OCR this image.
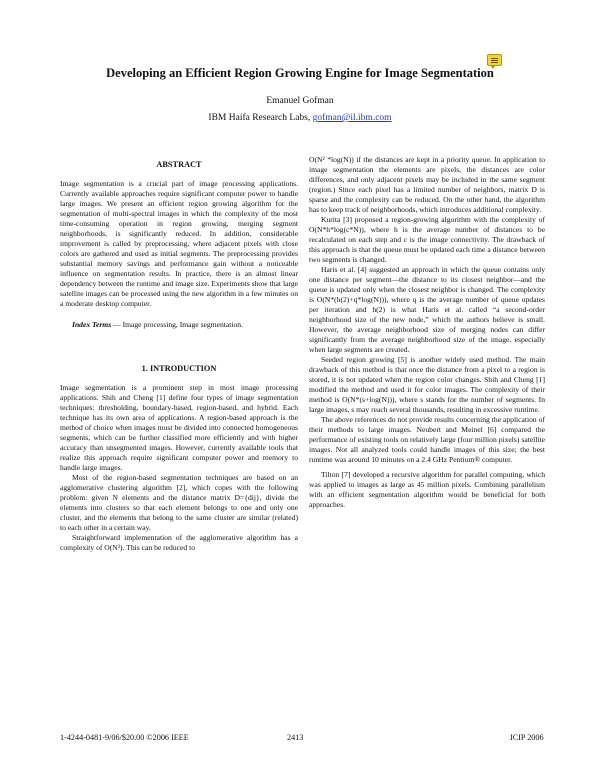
Developing an Efficient Region Growing Engine for Image Segmentation
Emanuel Gofman
IBM Haifa Research Labs, gofman@il.ibm.com
ABSTRACT

Image segmentation is a crucial part of image processing applications. Currently available approaches require significant computer power to handle large images. We present an efficient region growing algorithm for the segmentation of multi-spectral images in which the complexity of the most time-consuming operation in region growing, merging segment neighborhoods, is significantly reduced. In addition, considerable improvement is called by preprocessing, where adjacent pixels with close colors are gathered and used as initial segments. The preprocessing provides substantial memory savings and performance gain without a noticeable influence on segmentation results. In practice, there is an almost linear dependency between the runtime and image size. Experiments show that large satellite images can be processed using the new algorithm in a few minutes on a moderate desktop computer.

Index Terms — Image processing, Image segmentation.

1. INTRODUCTION

Image segmentation is a prominent step in most image processing applications. Shih and Cheng [1] define four types of image segmentation techniques: thresholding, boundary-based, region-based, and hybrid. Each technique has its own area of applications. A region-based approach is the method of choice when images must be divided into connected homogeneous segments, which can be further classified more efficiently and with higher accuracy than unsegmented images. However, currently available tools that realize this approach require significant computer power and memory to handle large images.

Most of the region-based segmentation techniques are based on an agglomerative clustering algorithm [2], which copes with the following problem: given N elements and the distance matrix D={dij}, divide the elements into clusters so that each element belongs to one and only one cluster, and the elements that belong to the same cluster are similar (related) to each other in a certain way.

Straightforward implementation of the agglomerative algorithm has a complexity of O(N³). This can be reduced to

O(N² *log(N)) if the distances are kept in a priority queue. In application to image segmentation the elements are pixels, the distances are color differences, and only adjacent pixels may be included in the same segment (region.) Since each pixel has a limited number of neighbors, matrix D is sparse and the complexity can be reduced. On the other hand, the algorithm has to keep track of neighborhoods, which introduces additional complexity.

Kurita [3] proposed a region-growing algorithm with the complexity of O(N*h*log(c*N)), where h is the average number of distances to be recalculated on each step and c is the image connectivity. The drawback of this approach is that the queue must be updated each time a distance between two segments is changed.

Haris et al. [4] suggested an approach in which the queue contains only one distance per segment—the distance to its closest neighbor—and the queue is updated only when the closest neighbor is changed. The complexity is O(N*(h(2)+q*log(N))), where q is the average number of queue updates per iteration and h(2) is what Haris et al. called “a second-order neighborhood size of the new node,” which the authors believe is small. However, the average neighborhood size of merging nodes can differ significantly from the average neighborhood size of the image, especially when large segments are created.

Seeded region growing [5] is another widely used method. The main drawback of this method is that once the distance from a pixel to a region is stored, it is not updated when the region color changes. Shih and Cheng [1] modified the method and used it for color images. The complexity of their method is O(N*(s+log(N))), where s stands for the number of segments. In large images, s may reach several thousands, resulting in excessive runtime.

The above references do not provide results concerning the application of their methods to large images. Neubert and Meinel [6] compared the performance of existing tools on relatively large (four million pixels) satellite images. Not all analyzed tools could handle images of this size; the best runtime was around 10 minutes on a 2.4 GHz Pentium® computer.

Tilton [7] developed a recursive algorithm for parallel computing, which was applied to images as large as 45 million pixels. Combining parallelism with an efficient segmentation algorithm would be beneficial for both approaches.

1-4244-0481-9/06/$20.00 ©2006 IEEE	2413	ICIP 2006
